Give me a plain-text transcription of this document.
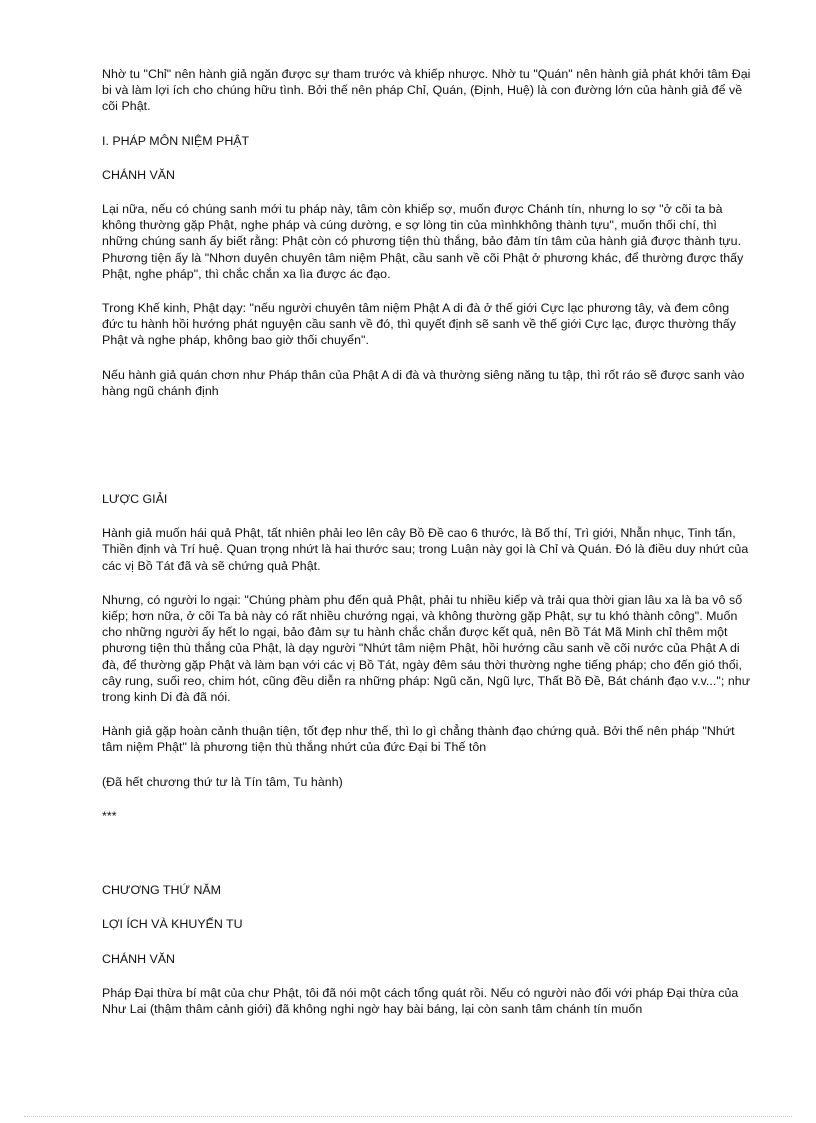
Nhờ tu "Chỉ" nên hành giả ngăn được sự tham trước và khiếp nhược. Nhờ tu "Quán" nên hành giả phát khởi tâm Đại bi và làm lợi ích cho chúng hữu tình. Bởi thế nên pháp Chỉ, Quán, (Định, Huệ) là con đường lớn của hành giả để về cõi Phật.

I. PHÁP MÔN NIỆM PHẬT

CHÁNH VĂN

Lại nữa, nếu có chúng sanh mới tu pháp này, tâm còn khiếp sợ, muốn được Chánh tín, nhưng lo sợ "ở cõi ta bà không thường gặp Phật, nghe pháp và cúng dường, e sợ lòng tin của mìnhkhông thành tựu", muốn thối chí, thì những chúng sanh ấy biết rằng: Phật còn có phương tiện thù thắng, bảo đảm tín tâm của hành giả được thành tựu. Phương tiện ấy là "Nhơn duyên chuyên tâm niệm Phật, cầu sanh về cõi Phật ở phương khác, để thường được thấy Phật, nghe pháp", thì chắc chắn xa lìa được ác đạo.

Trong Khế kinh, Phật dạy: "nếu người chuyên tâm niệm Phật A di đà ở thế giới Cực lạc phương tây, và đem công đức tu hành hồi hướng phát nguyện cầu sanh về đó, thì quyết định sẽ sanh về thế giới Cực lạc, được thường thấy Phật và nghe pháp, không bao giờ thối chuyển".

Nếu hành giả quán chơn như Pháp thân của Phật A di đà và thường siêng năng tu tập, thì rốt ráo sẽ được sanh vào hàng ngũ chánh định

LƯỢC GIẢI

Hành giả muốn hái quả Phật, tất nhiên phải leo lên cây Bồ Đề cao 6 thước, là Bố thí, Trì giới, Nhẫn nhục, Tinh tấn, Thiền định và Trí huệ. Quan trọng nhứt là hai thước sau; trong Luận này gọi là Chỉ và Quán. Đó là điều duy nhứt của các vị Bồ Tát đã và sẽ chứng quả Phật.

Nhưng, có người lo ngại: "Chúng phàm phu đến quả Phật, phải tu nhiều kiếp và trải qua thời gian lâu xa là ba vô số kiếp; hơn nữa, ở cõi Ta bà này có rất nhiều chướng ngại, và không thường gặp Phật, sự tu khó thành công". Muốn cho những người ấy hết lo ngại, bảo đảm sự tu hành chắc chắn được kết quả, nên Bồ Tát Mã Minh chỉ thêm một phương tiện thù thắng của Phật, là dạy người "Nhứt tâm niệm Phật, hồi hướng cầu sanh về cõi nước của Phật A di đà, để thường gặp Phật và làm bạn với các vị Bồ Tát, ngày đêm sáu thời thường nghe tiếng pháp; cho đến gió thổi, cây rung, suối reo, chim hót, cũng đều diễn ra những pháp: Ngũ căn, Ngũ lực, Thất Bồ Đề, Bát chánh đạo v.v..."; như trong kinh Di đà đã nói.

Hành giả gặp hoàn cảnh thuận tiện, tốt đẹp như thế, thì lo gì chẳng thành đạo chứng quả. Bởi thế nên pháp "Nhứt tâm niệm Phật" là phương tiện thù thắng nhứt của đức Đại bi Thế tôn

(Đã hết chương thứ tư là Tín tâm, Tu hành)

***

CHƯƠNG THỨ NĂM

LỢI ÍCH VÀ KHUYẾN TU

CHÁNH VĂN

Pháp Đại thừa bí mật của chư Phật, tôi đã nói một cách tổng quát rồi. Nếu có người nào đối với pháp Đại thừa của Như Lai (thậm thâm cảnh giới) đã không nghi ngờ hay bài báng, lại còn sanh tâm chánh tín muốn
